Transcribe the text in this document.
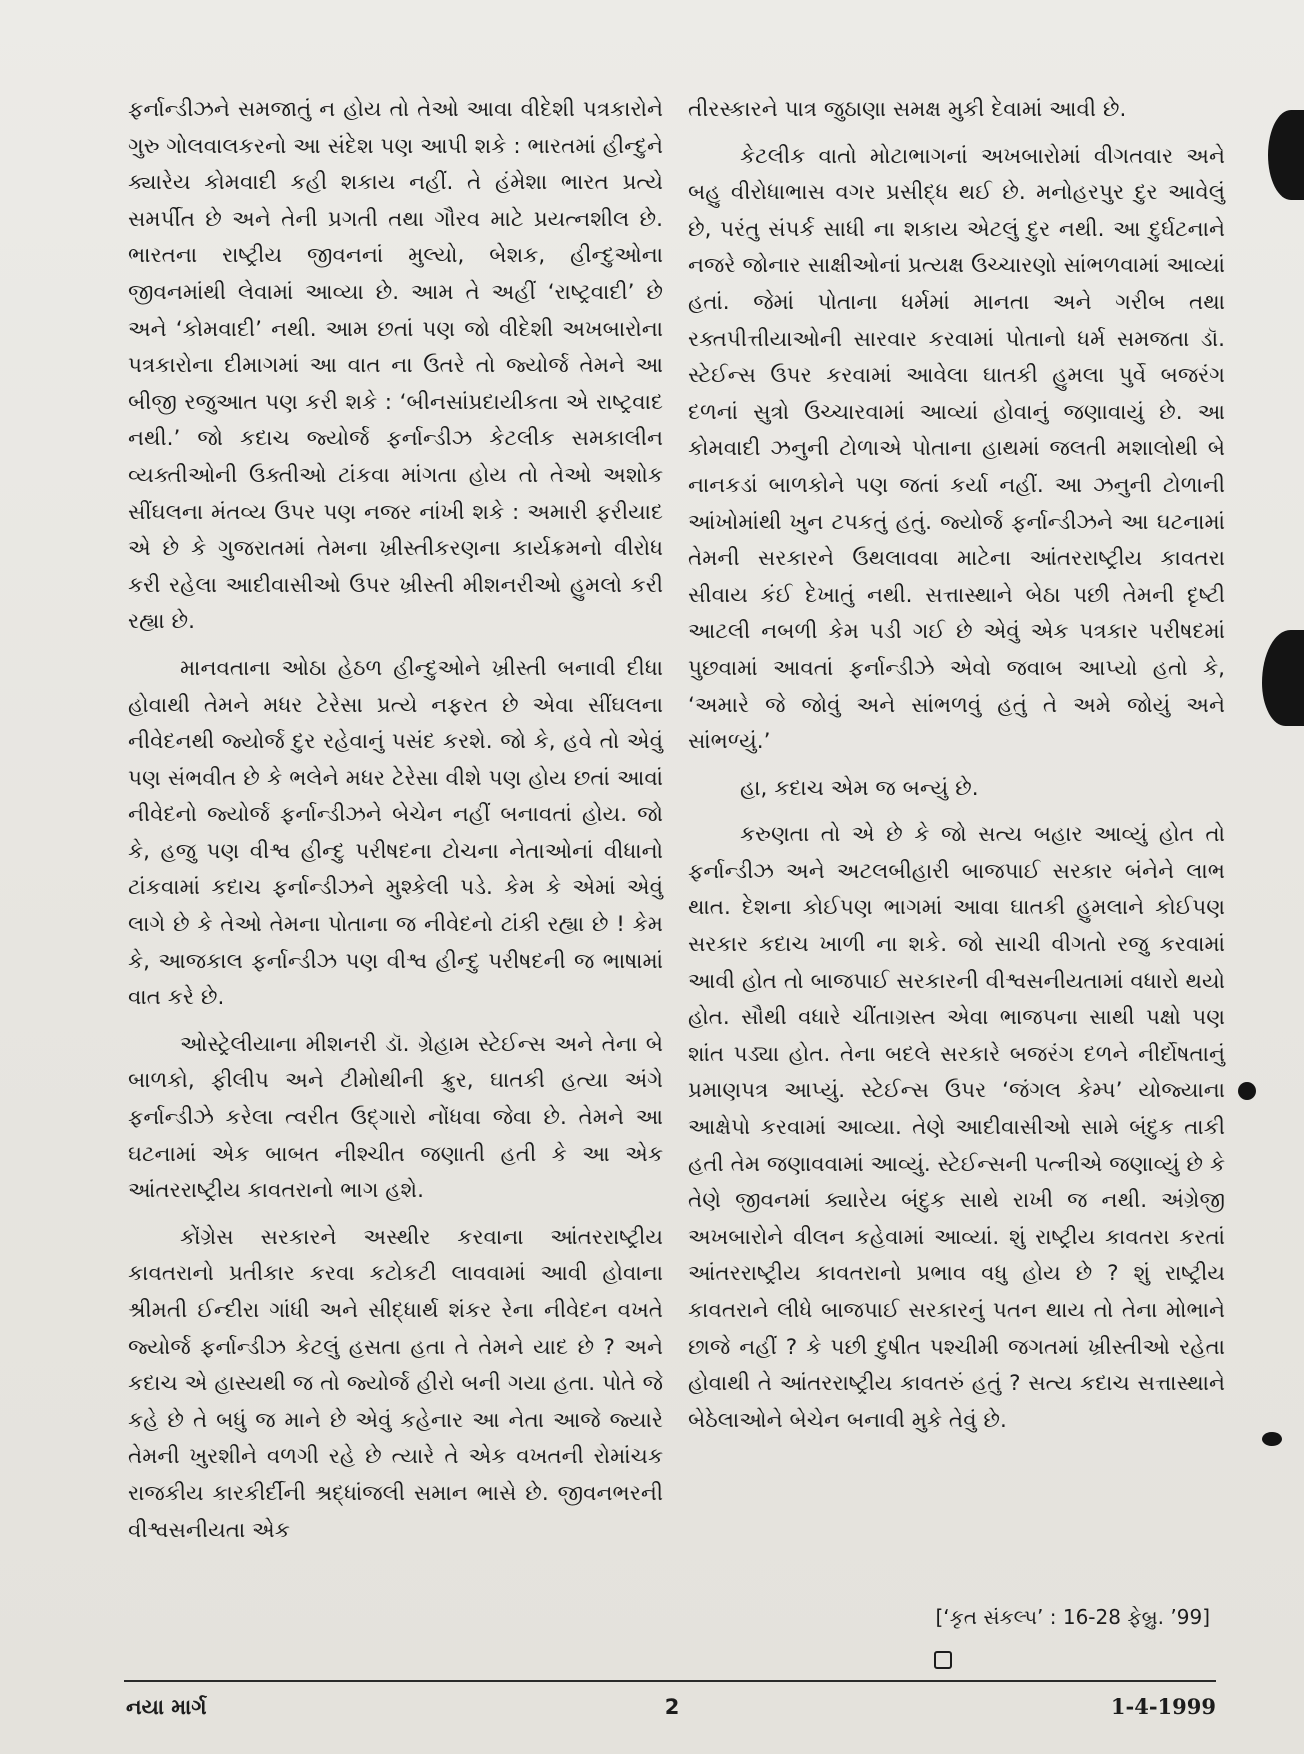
ફર્નાન્ડીઝને સમજાતું ન હોય તો તેઓ આવા વીદેશી પત્રકારોને ગુરુ ગોલવાલકરનો આ સંદેશ પણ આપી શકે : ભારતમાં હીન્દુને ક્યારેય કોમવાદી કહી શકાય નહીં. તે હંમેશા ભારત પ્રત્યે સમર્પીત છે અને તેની પ્રગતી તથા ગૌરવ માટે પ્રયત્નશીલ છે. ભારતના રાષ્ટ્રીય જીવનનાં મુલ્યો, બેશક, હીન્દુઓના જીવનમાંથી લેવામાં આવ્યા છે. આમ તે અહીં ‘રાષ્ટ્રવાદી’ છે અને ‘કોમવાદી’ નથી. આમ છતાં પણ જો વીદેશી અખબારોના પત્રકારોના દીમાગમાં આ વાત ના ઉતરે તો જ્યોર્જ તેમને આ બીજી રજુઆત પણ કરી શકે : ‘બીનસાંપ્રદાયીકતા એ રાષ્ટ્રવાદ નથી.’ જો કદાચ જ્યોર્જ ફર્નાન્ડીઝ કેટલીક સમકાલીન વ્યક્તીઓની ઉક્તીઓ ટાંકવા માંગતા હોય તો તેઓ અશોક સીંઘલના મંતવ્ય ઉપર પણ નજર નાંખી શકે : અમારી ફરીયાદ એ છે કે ગુજરાતમાં તેમના ખ્રીસ્તીકરણના કાર્યક્રમનો વીરોધ કરી રહેલા આદીવાસીઓ ઉપર ખ્રીસ્તી મીશનરીઓ હુમલો કરી રહ્યા છે.

માનવતાના ઓઠા હેઠળ હીન્દુઓને ખ્રીસ્તી બનાવી દીધા હોવાથી તેમને મધર ટેરેસા પ્રત્યે નફરત છે એવા સીંઘલના નીવેદનથી જ્યોર્જ દુર રહેવાનું પસંદ કરશે. જો કે, હવે તો એવું પણ સંભવીત છે કે ભલેને મધર ટેરેસા વીશે પણ હોય છતાં આવાં નીવેદનો જ્યોર્જ ફર્નાન્ડીઝને બેચેન નહીં બનાવતાં હોય. જો કે, હજુ પણ વીશ્વ હીન્દુ પરીષદના ટોચના નેતાઓનાં વીધાનો ટાંકવામાં કદાચ ફર્નાન્ડીઝને મુશ્કેલી પડે. કેમ કે એમાં એવું લાગે છે કે તેઓ તેમના પોતાના જ નીવેદનો ટાંકી રહ્યા છે ! કેમ કે, આજકાલ ફર્નાન્ડીઝ પણ વીશ્વ હીન્દુ પરીષદની જ ભાષામાં વાત કરે છે.

ઓસ્ટ્રેલીયાના મીશનરી ડૉ. ગ્રેહામ સ્ટેઈન્સ અને તેના બે બાળકો, ફીલીપ અને ટીમોથીની ક્રુર, ઘાતકી હત્યા અંગે ફર્નાન્ડીઝે કરેલા ત્વરીત ઉદ્ગારો નોંધવા જેવા છે. તેમને આ ઘટનામાં એક બાબત નીશ્ચીત જણાતી હતી કે આ એક આંતરરાષ્ટ્રીય કાવતરાનો ભાગ હશે.

કોંગ્રેસ સરકારને અસ્થીર કરવાના આંતરરાષ્ટ્રીય કાવતરાનો પ્રતીકાર કરવા કટોકટી લાવવામાં આવી હોવાના શ્રીમતી ઈન્દીરા ગાંધી અને સીદ્ધાર્થ શંકર રેના નીવેદન વખતે જ્યોર્જ ફર્નાન્ડીઝ કેટલું હસતા હતા તે તેમને યાદ છે ? અને કદાચ એ હાસ્યથી જ તો જ્યોર્જ હીરો બની ગયા હતા. પોતે જે કહે છે તે બધું જ માને છે એવું કહેનાર આ નેતા આજે જ્યારે તેમની ખુરશીને વળગી રહે છે ત્યારે તે એક વખતની રોમાંચક રાજકીય કારકીર્દીની શ્રદ્ધાંજલી સમાન ભાસે છે. જીવનભરની વીશ્વસનીયતા એક

તીરસ્કારને પાત્ર જુઠાણા સમક્ષ મુકી દેવામાં આવી છે.

કેટલીક વાતો મોટાભાગનાં અખબારોમાં વીગતવાર અને બહુ વીરોધાભાસ વગર પ્રસીદ્ધ થઈ છે. મનોહરપુર દુર આવેલું છે, પરંતુ સંપર્ક સાધી ના શકાય એટલું દુર નથી. આ દુર્ઘટનાને નજરે જોનાર સાક્ષીઓનાં પ્રત્યક્ષ ઉચ્ચારણો સાંભળવામાં આવ્યાં હતાં. જેમાં પોતાના ધર્મમાં માનતા અને ગરીબ તથા રક્તપીત્તીયાઓની સારવાર કરવામાં પોતાનો ધર્મ સમજતા ડૉ. સ્ટેઈન્સ ઉપર કરવામાં આવેલા ઘાતકી હુમલા પુર્વે બજરંગ દળનાં સુત્રો ઉચ્ચારવામાં આવ્યાં હોવાનું જણાવાયું છે. આ કોમવાદી ઝનુની ટોળાએ પોતાના હાથમાં જલતી મશાલોથી બે નાનકડાં બાળકોને પણ જતાં કર્યા નહીં. આ ઝનુની ટોળાની આંખોમાંથી ખુન ટપકતું હતું. જ્યોર્જ ફર્નાન્ડીઝને આ ઘટનામાં તેમની સરકારને ઉથલાવવા માટેના આંતરરાષ્ટ્રીય કાવતરા સીવાય કંઈ દેખાતું નથી. સત્તાસ્થાને બેઠા પછી તેમની દૃષ્ટી આટલી નબળી કેમ પડી ગઈ છે એવું એક પત્રકાર પરીષદમાં પુછવામાં આવતાં ફર્નાન્ડીઝે એવો જવાબ આપ્યો હતો કે, ‘અમારે જે જોવું અને સાંભળવું હતું તે અમે જોયું અને સાંભળ્યું.’

હા, કદાચ એમ જ બન્યું છે.

કરુણતા તો એ છે કે જો સત્ય બહાર આવ્યું હોત તો ફર્નાન્ડીઝ અને અટલબીહારી બાજપાઈ સરકાર બંનેને લાભ થાત. દેશના કોઈપણ ભાગમાં આવા ઘાતકી હુમલાને કોઈપણ સરકાર કદાચ ખાળી ના શકે. જો સાચી વીગતો રજુ કરવામાં આવી હોત તો બાજપાઈ સરકારની વીશ્વસનીયતામાં વધારો થયો હોત. સૌથી વધારે ચીંતાગ્રસ્ત એવા ભાજપના સાથી પક્ષો પણ શાંત પડ્યા હોત. તેના બદલે સરકારે બજરંગ દળને નીર્દોષતાનું પ્રમાણપત્ર આપ્યું. સ્ટેઈન્સ ઉપર ‘જંગલ કેમ્પ’ યોજ્યાના આક્ષેપો કરવામાં આવ્યા. તેણે આદીવાસીઓ સામે બંદુક તાકી હતી તેમ જણાવવામાં આવ્યું. સ્ટેઈન્સની પત્નીએ જણાવ્યું છે કે તેણે જીવનમાં ક્યારેય બંદુક સાથે રાખી જ નથી. અંગ્રેજી અખબારોને વીલન કહેવામાં આવ્યાં. શું રાષ્ટ્રીય કાવતરા કરતાં આંતરરાષ્ટ્રીય કાવતરાનો પ્રભાવ વધુ હોય છે ? શું રાષ્ટ્રીય કાવતરાને લીધે બાજપાઈ સરકારનું પતન થાય તો તેના મોભાને છાજે નહીં ? કે પછી દુષીત પશ્ચીમી જગતમાં ખ્રીસ્તીઓ રહેતા હોવાથી તે આંતરરાષ્ટ્રીય કાવતરું હતું ? સત્ય કદાચ સત્તાસ્થાને બેઠેલાઓને બેચેન બનાવી મુકે તેવું છે.

[‘કૃત સંકલ્પ’ : 16-28 ફેબ્રુ. ’99]
નયા માર્ગ	2	1-4-1999
